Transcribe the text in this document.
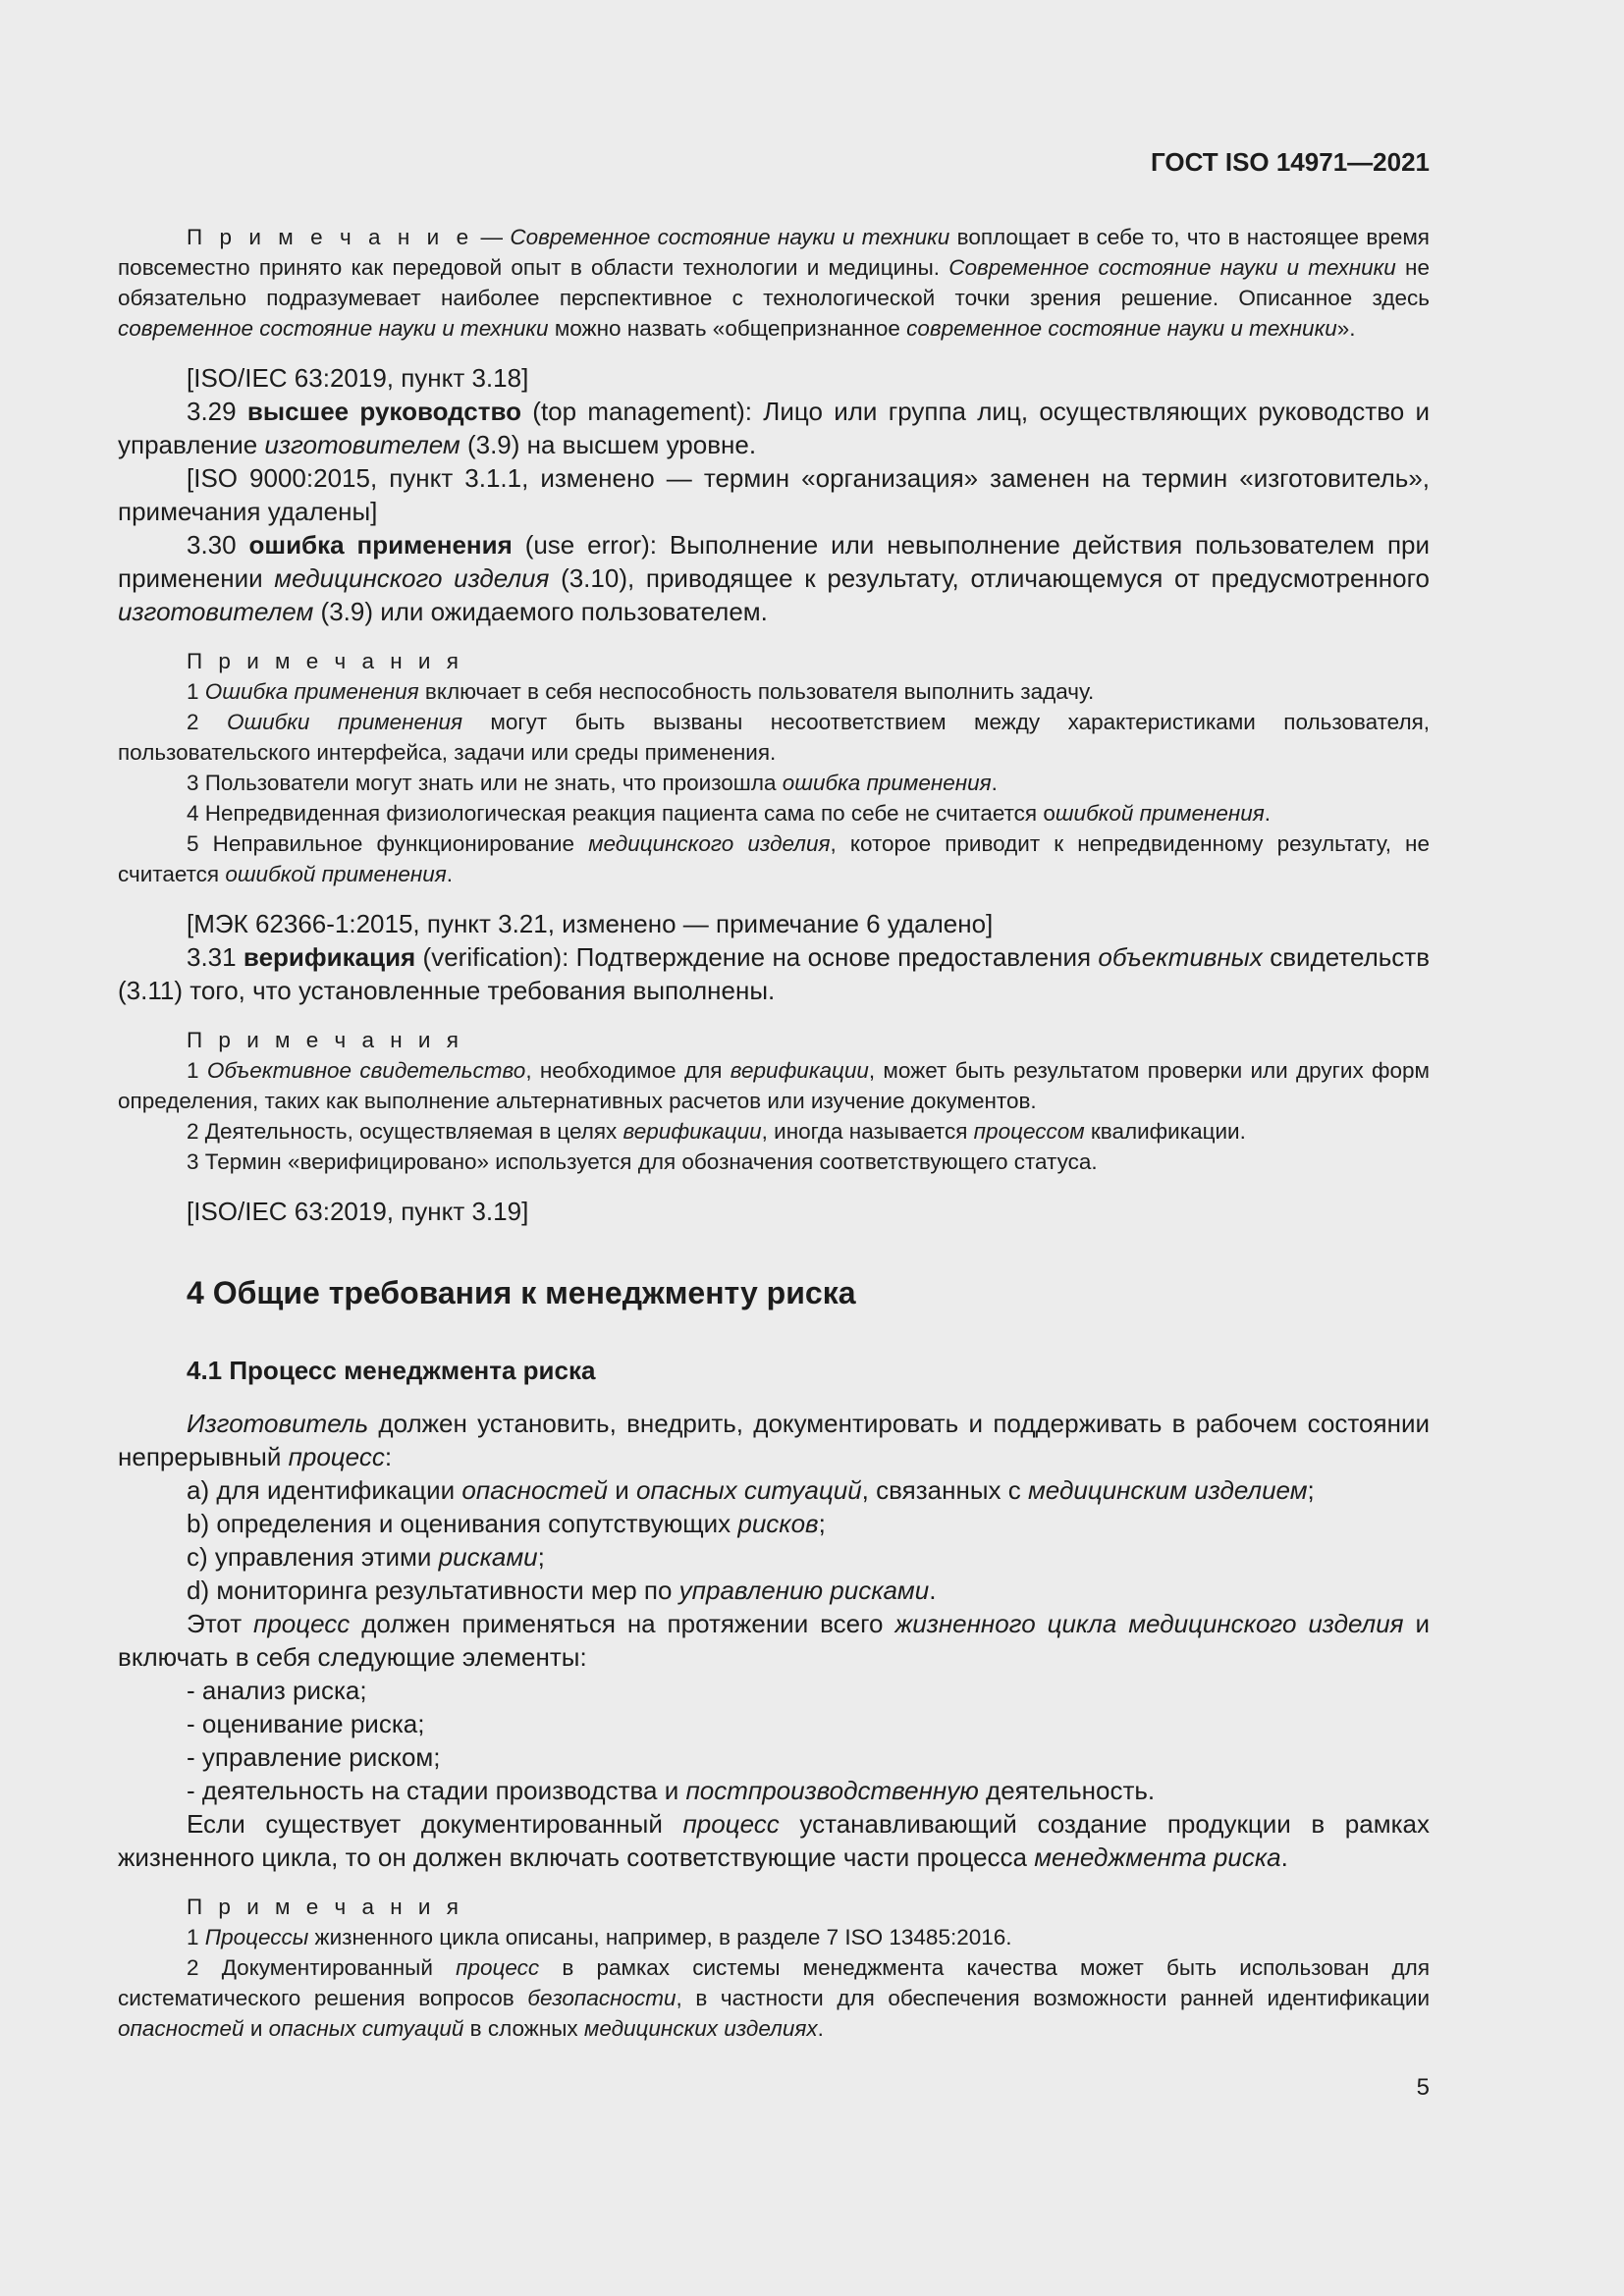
ГОСТ ISO 14971—2021

П р и м е ч а н и е — Современное состояние науки и техники воплощает в себе то, что в настоящее время повсеместно принято как передовой опыт в области технологии и медицины. Современное состояние науки и техники не обязательно подразумевает наиболее перспективное с технологической точки зрения решение. Описанное здесь современное состояние науки и техники можно назвать «общепризнанное современное состояние науки и техники».

[ISO/IEC 63:2019, пункт 3.18]

3.29 высшее руководство (top management): Лицо или группа лиц, осуществляющих руководство и управление изготовителем (3.9) на высшем уровне.

[ISO 9000:2015, пункт 3.1.1, изменено — термин «организация» заменен на термин «изготовитель», примечания удалены]

3.30 ошибка применения (use error): Выполнение или невыполнение действия пользователем при применении медицинского изделия (3.10), приводящее к результату, отличающемуся от предусмотренного изготовителем (3.9) или ожидаемого пользователем.

П р и м е ч а н и я

1 Ошибка применения включает в себя неспособность пользователя выполнить задачу.

2 Ошибки применения могут быть вызваны несоответствием между характеристиками пользователя, пользовательского интерфейса, задачи или среды применения.

3 Пользователи могут знать или не знать, что произошла ошибка применения.

4 Непредвиденная физиологическая реакция пациента сама по себе не считается ошибкой применения.

5 Неправильное функционирование медицинского изделия, которое приводит к непредвиденному результату, не считается ошибкой применения.

[МЭК 62366-1:2015, пункт 3.21, изменено — примечание 6 удалено]

3.31 верификация (verification): Подтверждение на основе предоставления объективных свидетельств (3.11) того, что установленные требования выполнены.

П р и м е ч а н и я

1 Объективное свидетельство, необходимое для верификации, может быть результатом проверки или других форм определения, таких как выполнение альтернативных расчетов или изучение документов.

2 Деятельность, осуществляемая в целях верификации, иногда называется процессом квалификации.

3 Термин «верифицировано» используется для обозначения соответствующего статуса.

[ISO/IEC 63:2019, пункт 3.19]

4 Общие требования к менеджменту риска
4.1 Процесс менеджмента риска

Изготовитель должен установить, внедрить, документировать и поддерживать в рабочем состоянии непрерывный процесс:

a) для идентификации опасностей и опасных ситуаций, связанных с медицинским изделием;

b) определения и оценивания сопутствующих рисков;

c) управления этими рисками;

d) мониторинга результативности мер по управлению рисками.

Этот процесс должен применяться на протяжении всего жизненного цикла медицинского изделия и включать в себя следующие элементы:

- анализ риска;

- оценивание риска;

- управление риском;

- деятельность на стадии производства и постпроизводственную деятельность.

Если существует документированный процесс устанавливающий создание продукции в рамках жизненного цикла, то он должен включать соответствующие части процесса менеджмента риска.

П р и м е ч а н и я

1 Процессы жизненного цикла описаны, например, в разделе 7 ISO 13485:2016.

2 Документированный процесс в рамках системы менеджмента качества может быть использован для систематического решения вопросов безопасности, в частности для обеспечения возможности ранней идентификации опасностей и опасных ситуаций в сложных медицинских изделиях.

5
